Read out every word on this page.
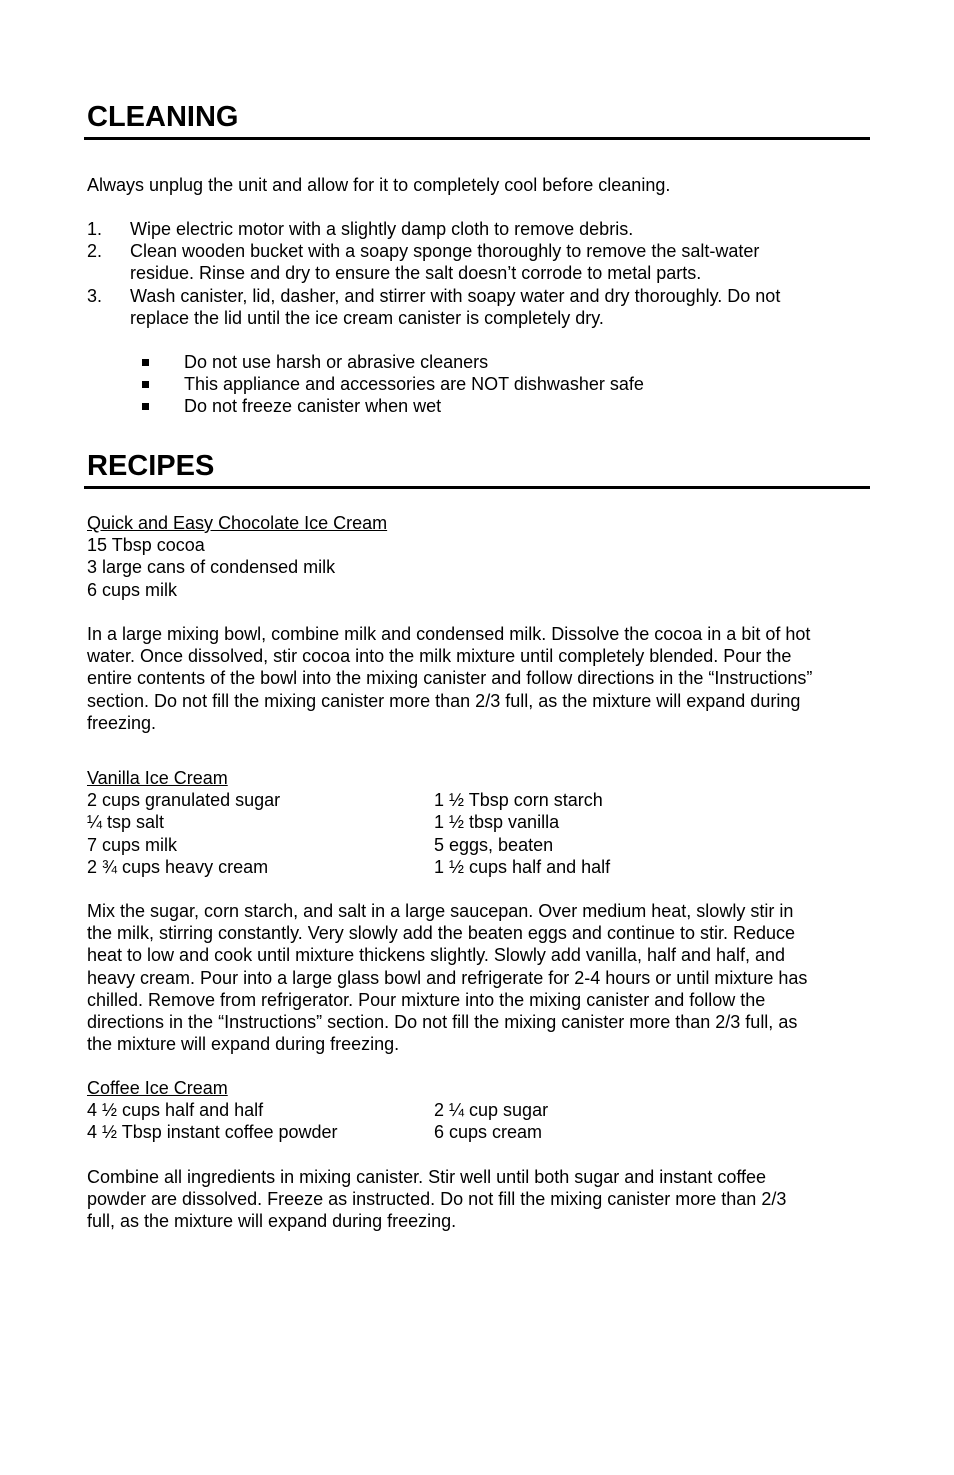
CLEANING

Always unplug the unit and allow for it to completely cool before cleaning.

1.	Wipe electric motor with a slightly damp cloth to remove debris.
2.	Clean wooden bucket with a soapy sponge thoroughly to remove the salt-water
residue. Rinse and dry to ensure the salt doesn’t corrode to metal parts.
3.	Wash canister, lid, dasher, and stirrer with soapy water and dry thoroughly. Do not
replace the lid until the ice cream canister is completely dry.
Do not use harsh or abrasive cleaners
This appliance and accessories are NOT dishwasher safe
Do not freeze canister when wet
RECIPES
Quick and Easy Chocolate Ice Cream
15 Tbsp cocoa
3 large cans of condensed milk
6 cups milk
In a large mixing bowl, combine milk and condensed milk. Dissolve the cocoa in a bit of hot
water. Once dissolved, stir cocoa into the milk mixture until completely blended. Pour the
entire contents of the bowl into the mixing canister and follow directions in the “Instructions”
section. Do not fill the mixing canister more than 2/3 full, as the mixture will expand during
freezing.
Vanilla Ice Cream
2 cups granulated sugar	1 ½ Tbsp corn starch
¼ tsp salt	1 ½ tbsp vanilla
7 cups milk	5 eggs, beaten
2 ¾ cups heavy cream	1 ½ cups half and half
Mix the sugar, corn starch, and salt in a large saucepan. Over medium heat, slowly stir in
the milk, stirring constantly. Very slowly add the beaten eggs and continue to stir. Reduce
heat to low and cook until mixture thickens slightly. Slowly add vanilla, half and half, and
heavy cream. Pour into a large glass bowl and refrigerate for 2-4 hours or until mixture has
chilled. Remove from refrigerator. Pour mixture into the mixing canister and follow the
directions in the “Instructions” section. Do not fill the mixing canister more than 2/3 full, as
the mixture will expand during freezing.
Coffee Ice Cream
4 ½ cups half and half	2 ¼ cup sugar
4 ½ Tbsp instant coffee powder	6 cups cream
Combine all ingredients in mixing canister. Stir well until both sugar and instant coffee
powder are dissolved. Freeze as instructed. Do not fill the mixing canister more than 2/3
full, as the mixture will expand during freezing.
